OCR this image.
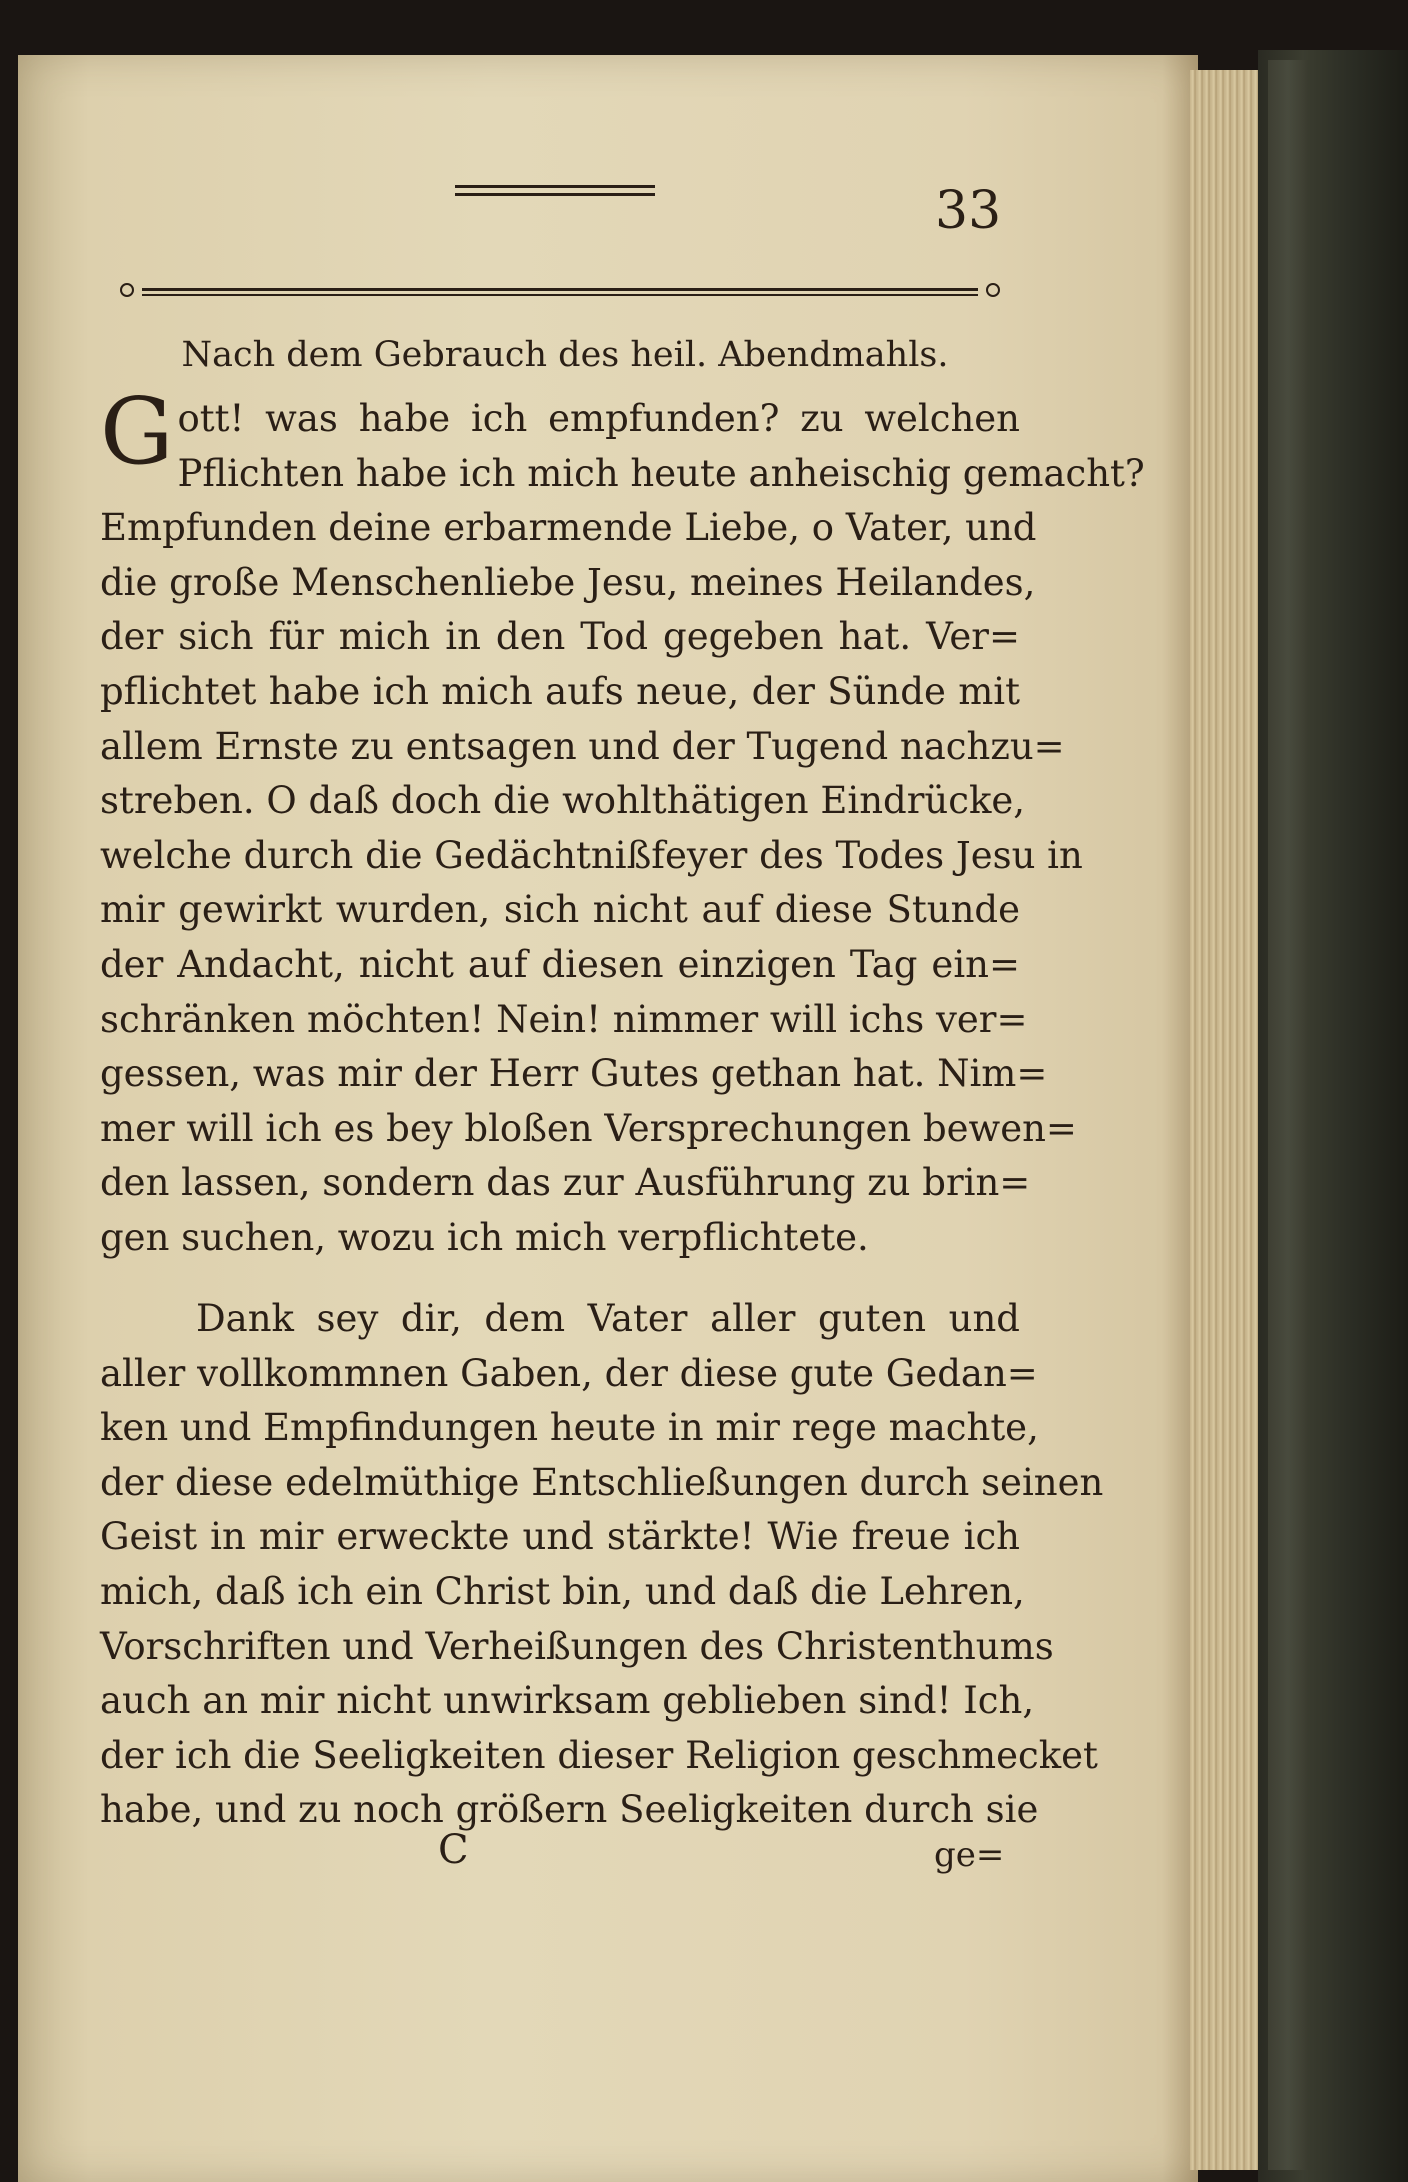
33
Nach dem Gebrauch des heil. Abendmahls.
G ott! was habe ich empfunden? zu welchen
Pflichten habe ich mich heute anheischig gemacht?
Empfunden deine erbarmende Liebe, o Vater, und
die große Menschenliebe Jesu, meines Heilandes,
der sich für mich in den Tod gegeben hat. Ver=
pflichtet habe ich mich aufs neue, der Sünde mit
allem Ernste zu entsagen und der Tugend nachzu=
streben. O daß doch die wohlthätigen Eindrücke,
welche durch die Gedächtnißfeyer des Todes Jesu in
mir gewirkt wurden, sich nicht auf diese Stunde
der Andacht, nicht auf diesen einzigen Tag ein=
schränken möchten! Nein! nimmer will ichs ver=
gessen, was mir der Herr Gutes gethan hat. Nim=
mer will ich es bey bloßen Versprechungen bewen=
den lassen, sondern das zur Ausführung zu brin=
gen suchen, wozu ich mich verpflichtete.
Dank sey dir, dem Vater aller guten und
aller vollkommnen Gaben, der diese gute Gedan=
ken und Empfindungen heute in mir rege machte,
der diese edelmüthige Entschließungen durch seinen
Geist in mir erweckte und stärkte! Wie freue ich
mich, daß ich ein Christ bin, und daß die Lehren,
Vorschriften und Verheißungen des Christenthums
auch an mir nicht unwirksam geblieben sind! Ich,
der ich die Seeligkeiten dieser Religion geschmecket
habe, und zu noch größern Seeligkeiten durch sie
C	ge=
